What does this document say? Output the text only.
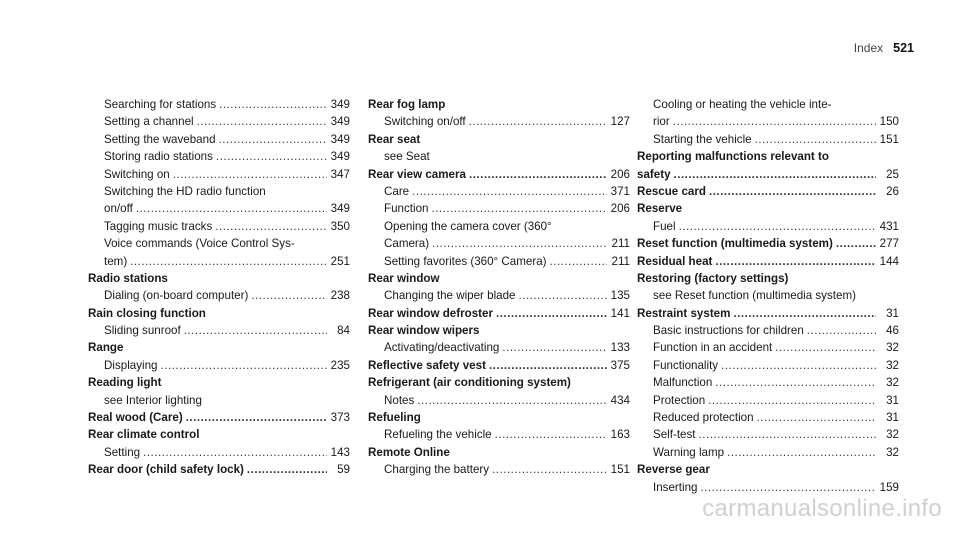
Index 521
Searching for stations .....	349
Setting a channel .....	349
Setting the waveband .....	349
Storing radio stations .....	349
Switching on .....	347
Switching the HD radio function
on/off .....	349
Tagging music tracks .....	350
Voice commands (Voice Control Sys-
tem) .....	251
Radio stations
Dialing (on-board computer) .....	238
Rain closing function
Sliding sunroof .....	84
Range
Displaying .....	235
Reading light
see Interior lighting
Real wood (Care) .....	373
Rear climate control
Setting .....	143
Rear door (child safety lock) .....	59
Rear fog lamp
Switching on/off .....	127
Rear seat
see Seat
Rear view camera .....	206
Care .....	371
Function .....	206
Opening the camera cover (360°
Camera) .....	211
Setting favorites (360° Camera) .....	211
Rear window
Changing the wiper blade .....	135
Rear window defroster .....	141
Rear window wipers
Activating/deactivating .....	133
Reflective safety vest .....	375
Refrigerant (air conditioning system)
Notes .....	434
Refueling
Refueling the vehicle .....	163
Remote Online
Charging the battery .....	151
Cooling or heating the vehicle inte-
rior .....	150
Starting the vehicle .....	151
Reporting malfunctions relevant to
safety .....	25
Rescue card .....	26
Reserve
Fuel .....	431
Reset function (multimedia system) .....	277
Residual heat .....	144
Restoring (factory settings)
see Reset function (multimedia system)
Restraint system .....	31
Basic instructions for children .....	46
Function in an accident .....	32
Functionality .....	32
Malfunction .....	32
Protection .....	31
Reduced protection .....	31
Self-test .....	32
Warning lamp .....	32
Reverse gear
Inserting .....	159
carmanualsonline.info
